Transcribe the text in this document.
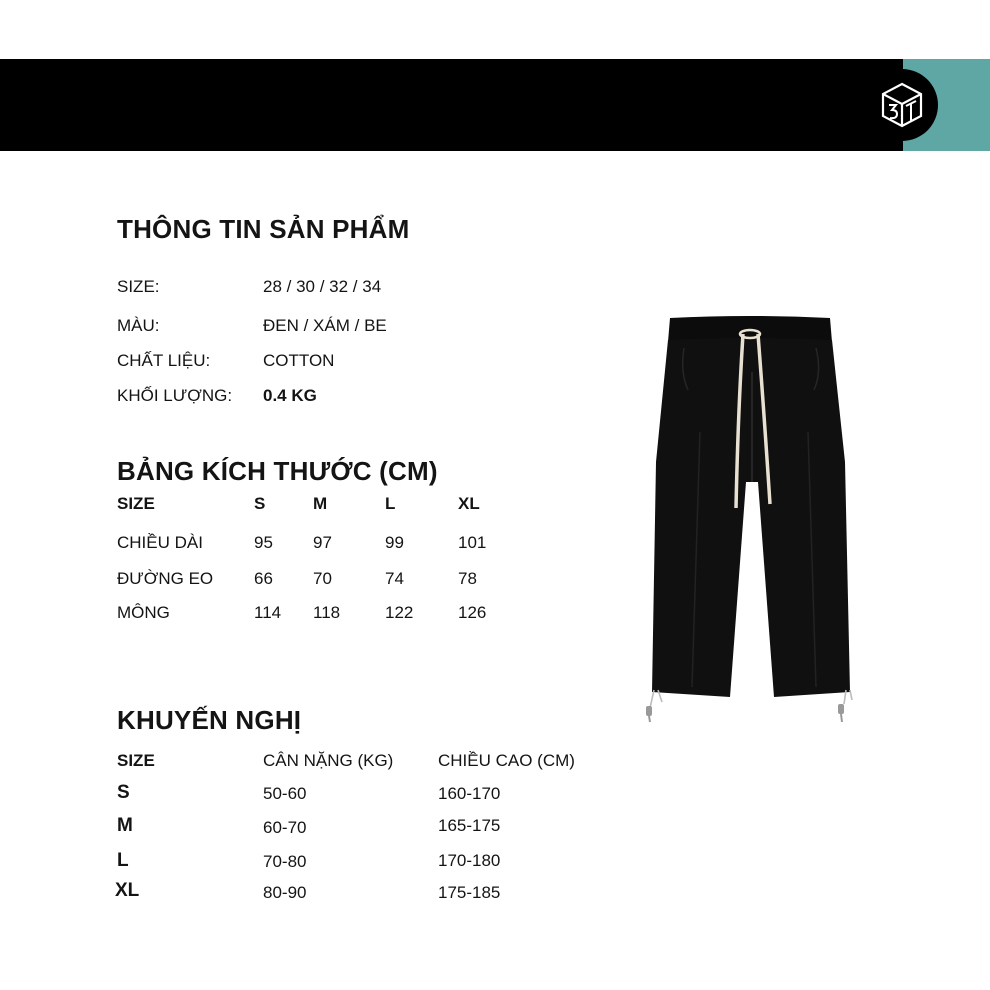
THÔNG TIN SẢN PHẨM
SIZE:	28 / 30 / 32 / 34
MÀU:	ĐEN / XÁM / BE
CHẤT LIỆU:	COTTON
KHỐI LƯỢNG: 0.4 KG
BẢNG KÍCH THƯỚC (CM)
SIZE	S	M	L	XL
CHIỀU DÀI	95 97	99	101
ĐƯỜNG EO 66 70	74	78
MÔNG	114 118	122	126
KHUYẾN NGHỊ
SIZE	CÂN NẶNG (KG)	CHIỀU CAO (CM)
S	50-60	160-170
M	60-70	165-175
L	70-80	170-180
XL	80-90	175-185
